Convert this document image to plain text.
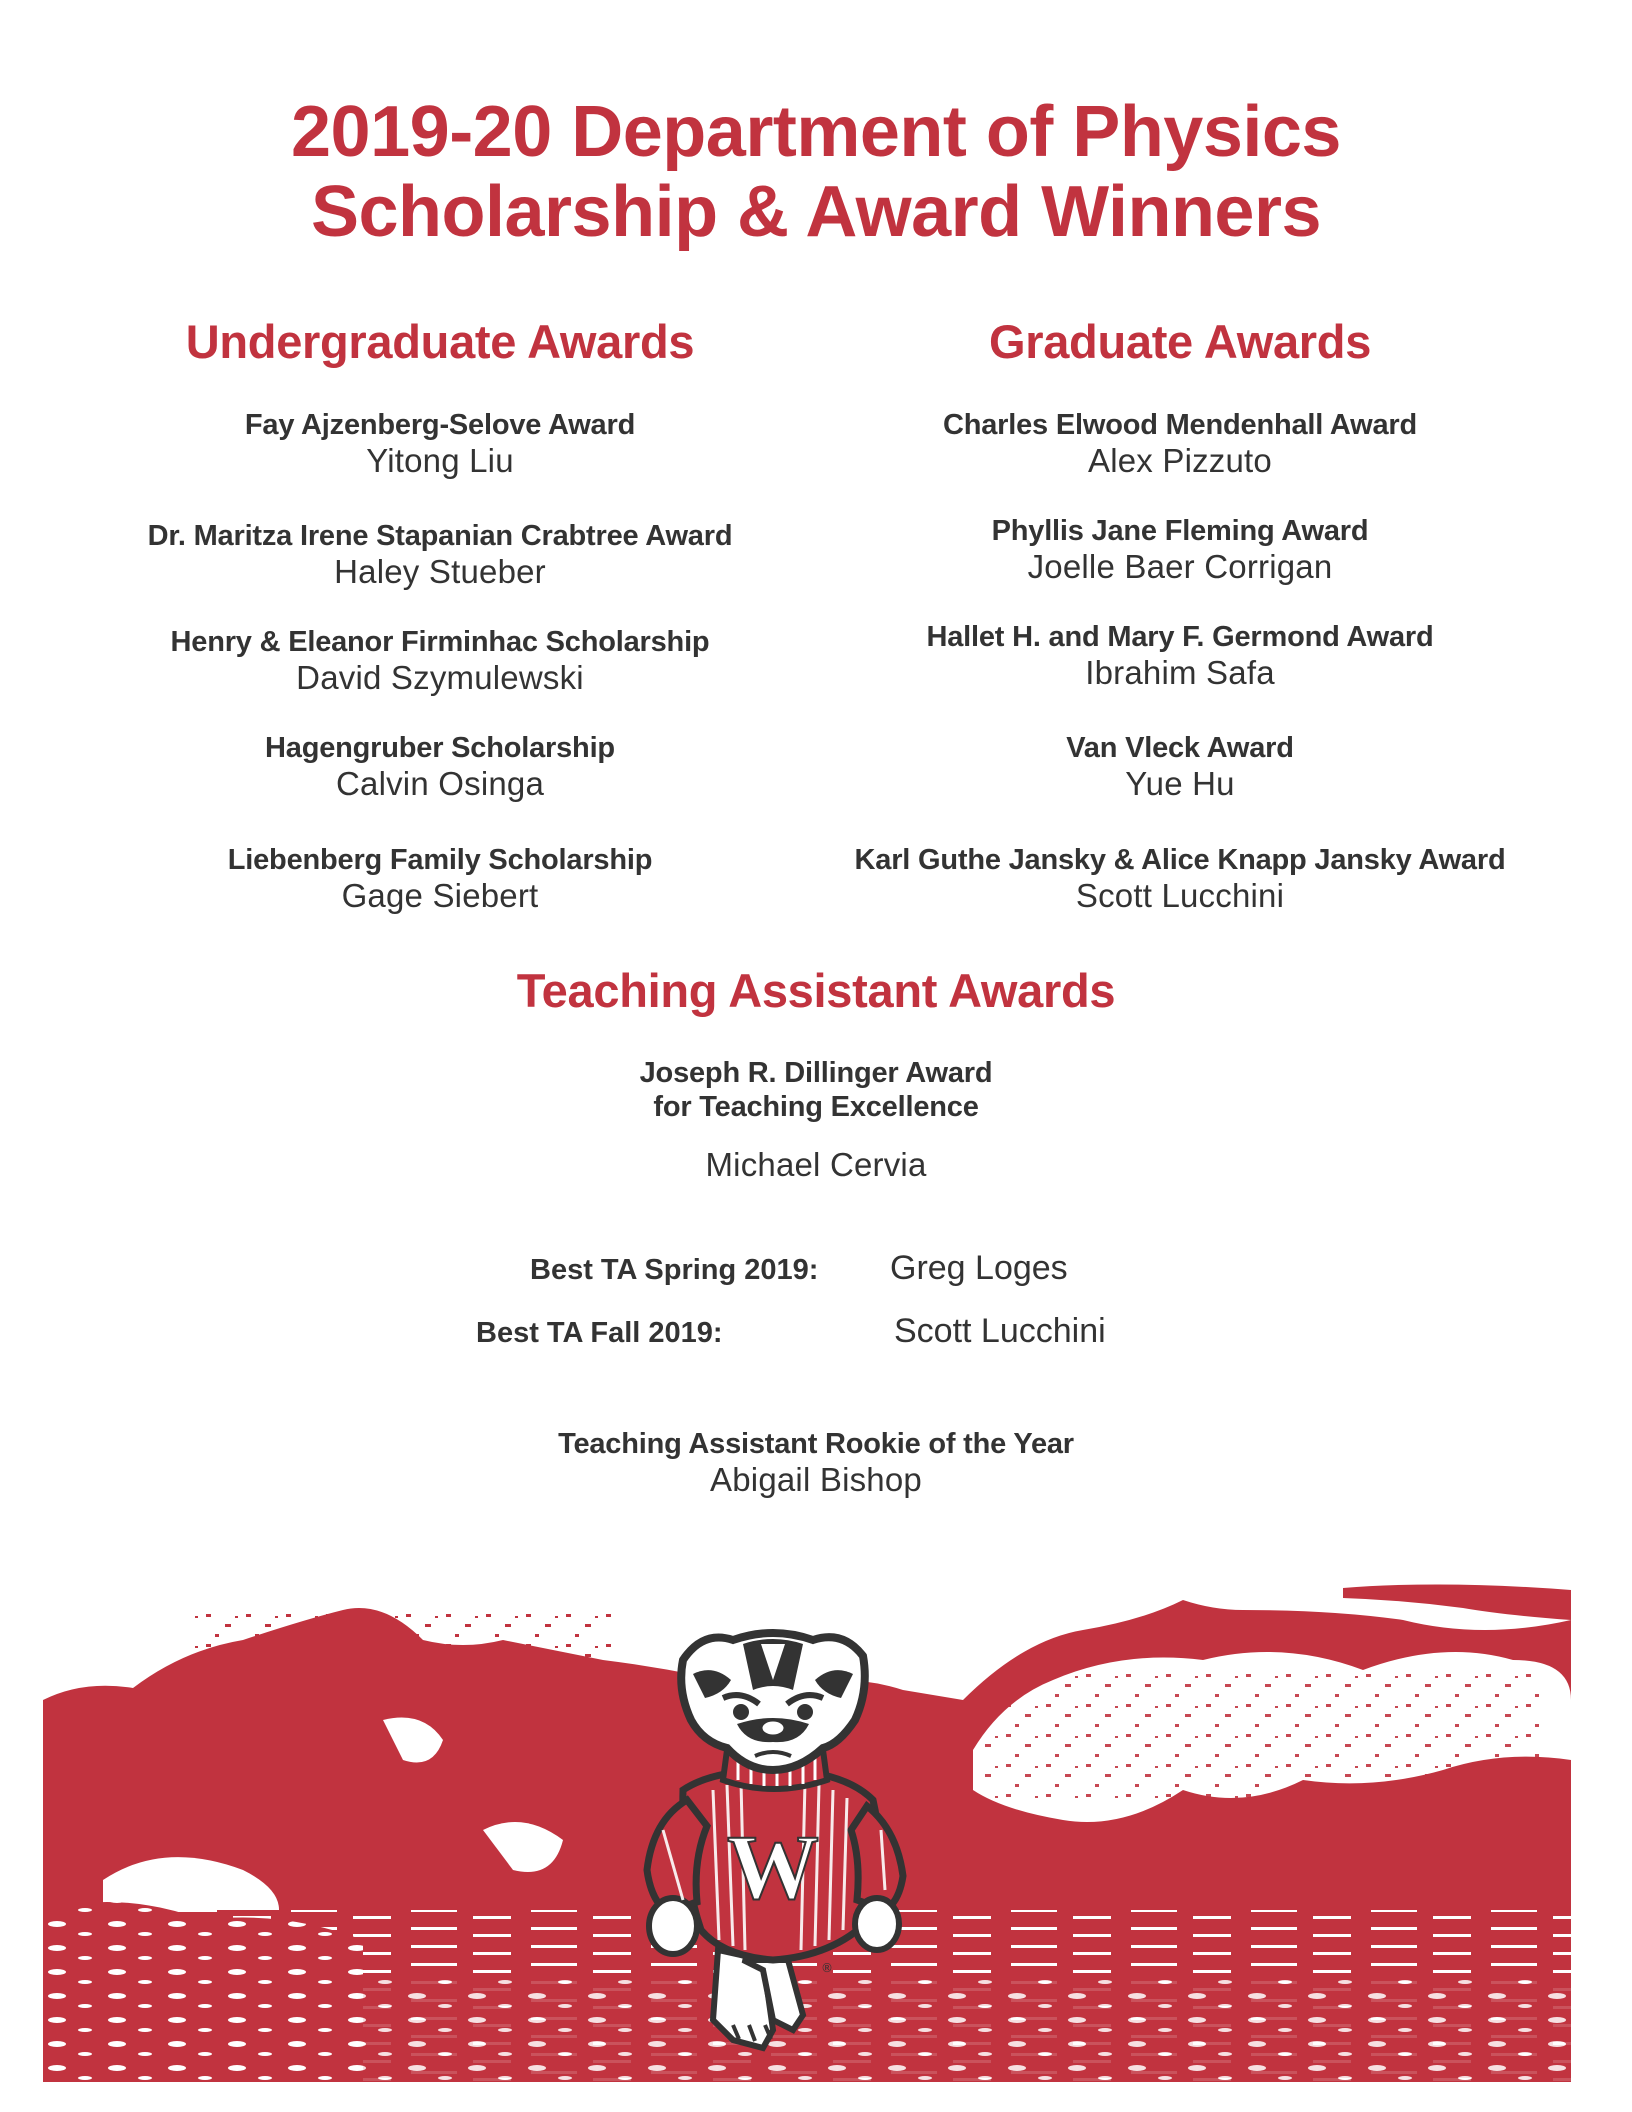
2019-20 Department of Physics
Scholarship & Award Winners
Undergraduate Awards
Fay Ajzenberg-Selove Award
Yitong Liu
Dr. Maritza Irene Stapanian Crabtree Award
Haley Stueber
Henry & Eleanor Firminhac Scholarship
David Szymulewski
Hagengruber Scholarship
Calvin Osinga
Liebenberg Family Scholarship
Gage Siebert
Graduate Awards
Charles Elwood Mendenhall Award
Alex Pizzuto
Phyllis Jane Fleming Award
Joelle Baer Corrigan
Hallet H. and Mary F. Germond Award
Ibrahim Safa
Van Vleck Award
Yue Hu
Karl Guthe Jansky & Alice Knapp Jansky Award
Scott Lucchini
Teaching Assistant Awards
Joseph R. Dillinger Award
for Teaching Excellence
Michael Cervia
Best TA Spring 2019: Greg Loges
Best TA Fall 2019:	Scott Lucchini
Teaching Assistant Rookie of the Year
Abigail Bishop
W
®
